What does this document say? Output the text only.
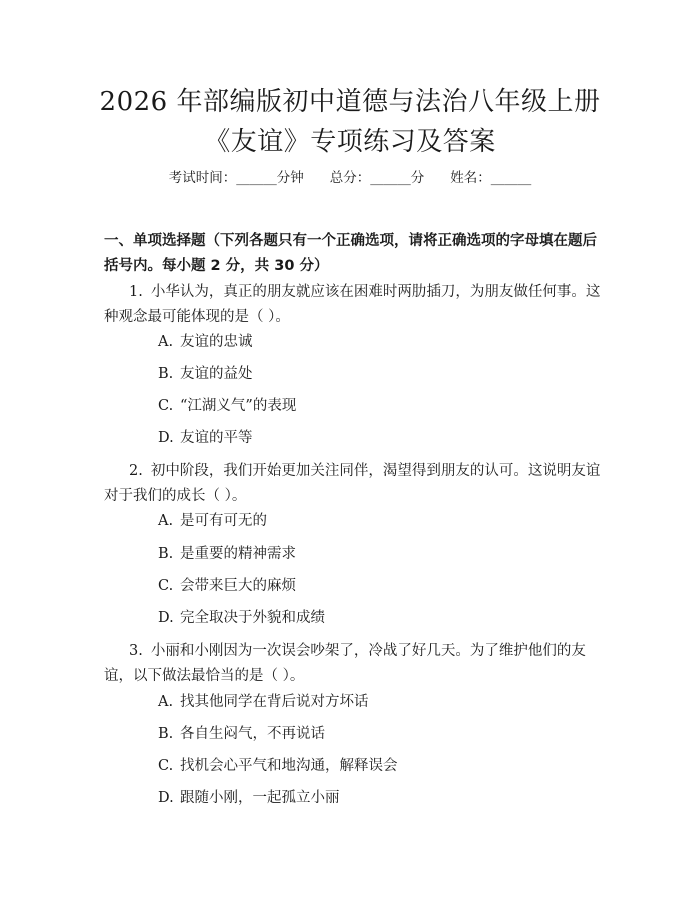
2026 年部编版初中道德与法治八年级上册
《友谊》专项练习及答案
考试时间：______分钟 总分：______分 姓名：______
一、单项选择题（下列各题只有一个正确选项，请将正确选项的字母填在题后括号内。每小题 2 分，共 30 分）
1. 小华认为，真正的朋友就应该在困难时两肋插刀，为朋友做任何事。这种观念最可能体现的是（ ）。
A. 友谊的忠诚
B. 友谊的益处
C. “江湖义气”的表现
D. 友谊的平等
2. 初中阶段，我们开始更加关注同伴，渴望得到朋友的认可。这说明友谊对于我们的成长（ ）。
A. 是可有可无的
B. 是重要的精神需求
C. 会带来巨大的麻烦
D. 完全取决于外貌和成绩
3. 小丽和小刚因为一次误会吵架了，冷战了好几天。为了维护他们的友谊，以下做法最恰当的是（ ）。
A. 找其他同学在背后说对方坏话
B. 各自生闷气，不再说话
C. 找机会心平气和地沟通，解释误会
D. 跟随小刚，一起孤立小丽
